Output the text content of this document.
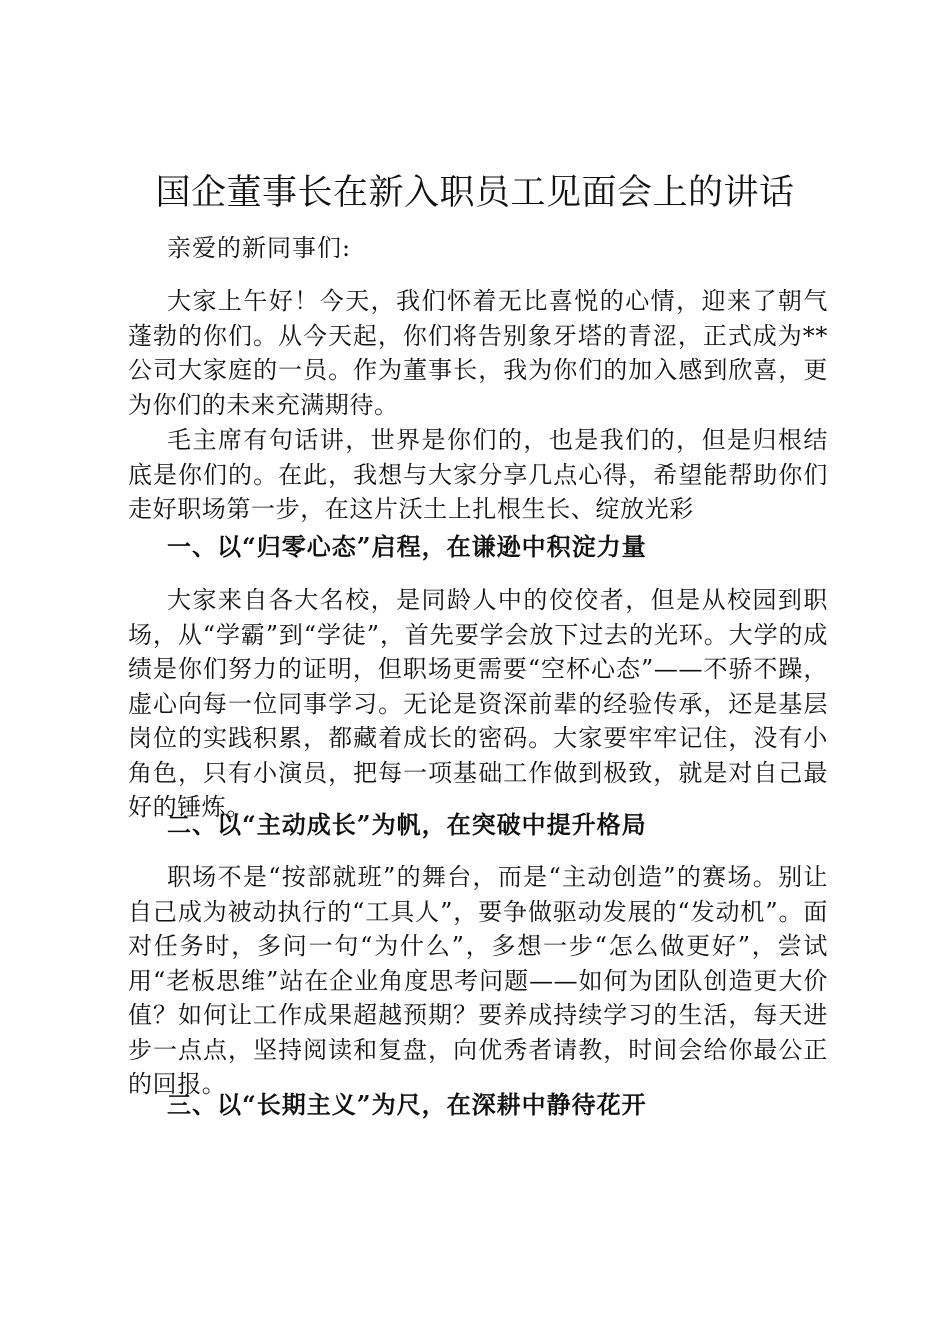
国企董事长在新入职员工见面会上的讲话

亲爱的新同事们:

大家上午好！今天，我们怀着无比喜悦的心情，迎来了朝气蓬勃的你们。从今天起，你们将告别象牙塔的青涩，正式成为**公司大家庭的一员。作为董事长，我为你们的加入感到欣喜，更为你们的未来充满期待。

毛主席有句话讲，世界是你们的，也是我们的，但是归根结底是你们的。在此，我想与大家分享几点心得，希望能帮助你们走好职场第一步，在这片沃土上扎根生长、绽放光彩

一、以“归零心态”启程，在谦逊中积淀力量

大家来自各大名校，是同龄人中的佼佼者，但是从校园到职场，从“学霸”到“学徒”，首先要学会放下过去的光环。大学的成绩是你们努力的证明，但职场更需要“空杯心态”——不骄不躁，虚心向每一位同事学习。无论是资深前辈的经验传承，还是基层岗位的实践积累，都藏着成长的密码。大家要牢牢记住，没有小角色，只有小演员，把每一项基础工作做到极致，就是对自己最好的锤炼。

二、以“主动成长”为帆，在突破中提升格局

职场不是“按部就班”的舞台，而是“主动创造”的赛场。别让自己成为被动执行的“工具人”，要争做驱动发展的“发动机”。面对任务时，多问一句“为什么”，多想一步“怎么做更好”，尝试用“老板思维”站在企业角度思考问题——如何为团队创造更大价值？如何让工作成果超越预期？要养成持续学习的生活，每天进步一点点，坚持阅读和复盘，向优秀者请教，时间会给你最公正的回报。

三、以“长期主义”为尺，在深耕中静待花开
